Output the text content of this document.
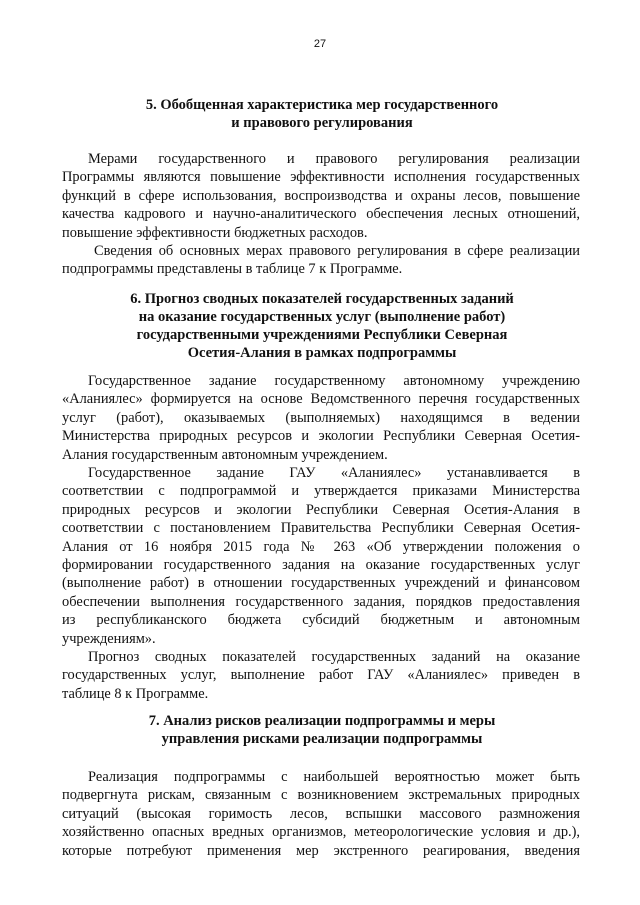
27
5. Обобщенная характеристика мер государственного
и правового регулирования
Мерами государственного и правового регулирования реализации
Программы являются повышение эффективности исполнения государственных
функций в сфере использования, воспроизводства и охраны лесов, повышение
качества кадрового и научно-аналитического обеспечения лесных отношений,
повышение эффективности бюджетных расходов.
Сведения об основных мерах правового регулирования в сфере реализации
подпрограммы представлены в таблице 7 к Программе.
6. Прогноз сводных показателей государственных заданий
на оказание государственных услуг (выполнение работ)
государственными учреждениями Республики Северная
Осетия-Алания в рамках подпрограммы
Государственное задание государственному автономному учреждению
«Аланиялес» формируется на основе Ведомственного перечня государственных
услуг (работ), оказываемых (выполняемых) находящимся в ведении
Министерства природных ресурсов и экологии Республики Северная Осетия-
Алания государственным автономным учреждением.
Государственное задание ГАУ «Аланиялес» устанавливается в
соответствии с подпрограммой и утверждается приказами Министерства
природных ресурсов и экологии Республики Северная Осетия-Алания в
соответствии с постановлением Правительства Республики Северная Осетия-
Алания от 16 ноября 2015 года № 263 «Об утверждении положения о
формировании государственного задания на оказание государственных услуг
(выполнение работ) в отношении государственных учреждений и финансовом
обеспечении выполнения государственного задания, порядков предоставления
из республиканского бюджета субсидий бюджетным и автономным
учреждениям».
Прогноз сводных показателей государственных заданий на оказание
государственных услуг, выполнение работ ГАУ «Аланиялес» приведен в
таблице 8 к Программе.
7. Анализ рисков реализации подпрограммы и меры
управления рисками реализации подпрограммы
Реализация подпрограммы с наибольшей вероятностью может быть
подвергнута рискам, связанным с возникновением экстремальных природных
ситуаций (высокая горимость лесов, вспышки массового размножения
хозяйственно опасных вредных организмов, метеорологические условия и др.),
которые потребуют применения мер экстренного реагирования, введения
